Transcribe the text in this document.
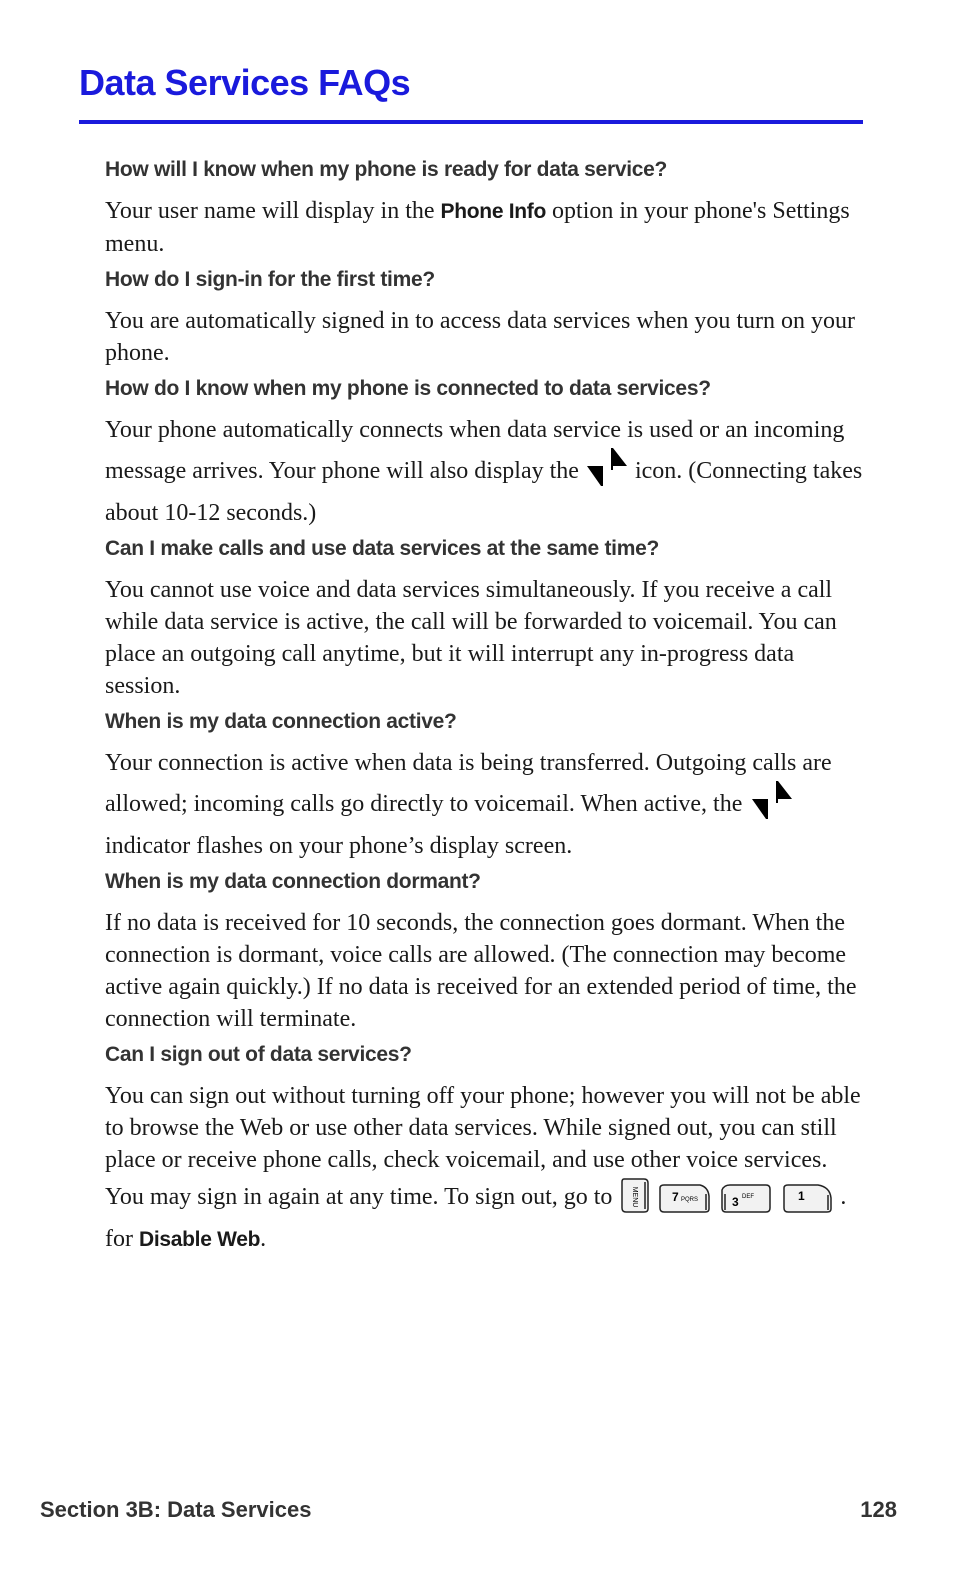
Data Services FAQs

How will I know when my phone is ready for data service?

Your user name will display in the Phone Info option in your phone's Settings menu.

How do I sign-in for the first time?

You are automatically signed in to access data services when you turn on your phone.

How do I know when my phone is connected to data services?

Your phone automatically connects when data service is used or an incoming message arrives. Your phone will also display the  icon. (Connecting takes about 10-12 seconds.)

Can I make calls and use data services at the same time?

You cannot use voice and data services simultaneously. If you receive a call while data service is active, the call will be forwarded to voicemail. You can place an outgoing call anytime, but it will interrupt any in-progress data session.

When is my data connection active?

Your connection is active when data is being transferred. Outgoing calls are allowed; incoming calls go directly to voicemail. When active, the  indicator flashes on your phone’s display screen.

When is my data connection dormant?

If no data is received for 10 seconds, the connection goes dormant. When the connection is dormant, voice calls are allowed. (The connection may become active again quickly.) If no data is received for an extended period of time, the connection will terminate.

Can I sign out of data services?

You can sign out without turning off your phone; however you will not be able to browse the Web or use other data services. While signed out, you can still place or receive phone calls, check voicemail, and use other voice services. You may sign in again at any time. To sign out, go to MENU	7 PQRS	3 DEF	1 . for Disable Web.

Section 3B: Data Services	128
